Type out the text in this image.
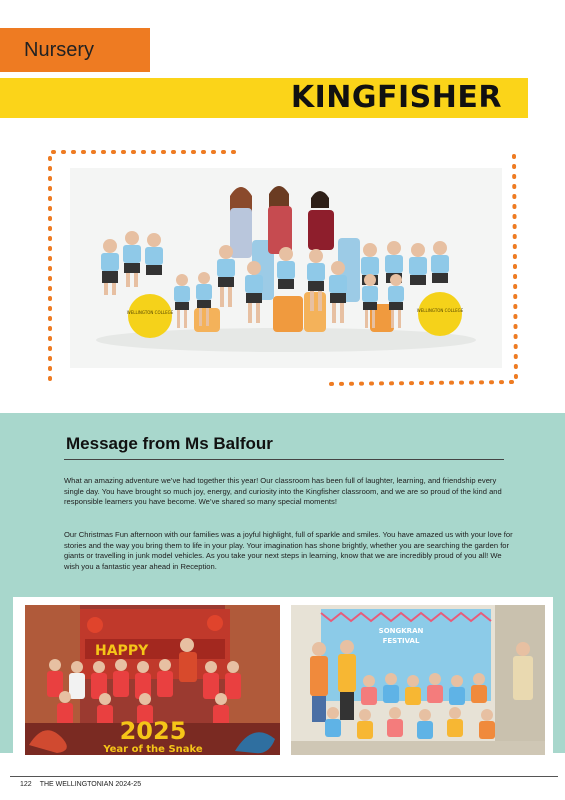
Nursery
KINGFISHER
WELLINGTON COLLEGE	WELLINGTON COLLEGE
Message from Ms Balfour

What an amazing adventure we’ve had together this year! Our classroom has been full of laughter, learning, and friendship every single day. You have brought so much joy, energy, and curiosity into the Kingfisher classroom, and we are so proud of the kind and responsible learners you have become. We’ve shared so many special moments!

Our Christmas Fun afternoon with our families was a joyful highlight, full of sparkle and smiles. You have amazed us with your love for stories and the way you bring them to life in your play. Your imagination has shone brightly, whether you are searching the garden for giants or travelling in junk model vehicles. As you take your next steps in learning, know that we are incredibly proud of you all! We wish you a fantastic year ahead in Reception.

HAPPY
2025
Year of the Snake
SONGKRAN
FESTIVAL
122 THE WELLINGTONIAN 2024-25
